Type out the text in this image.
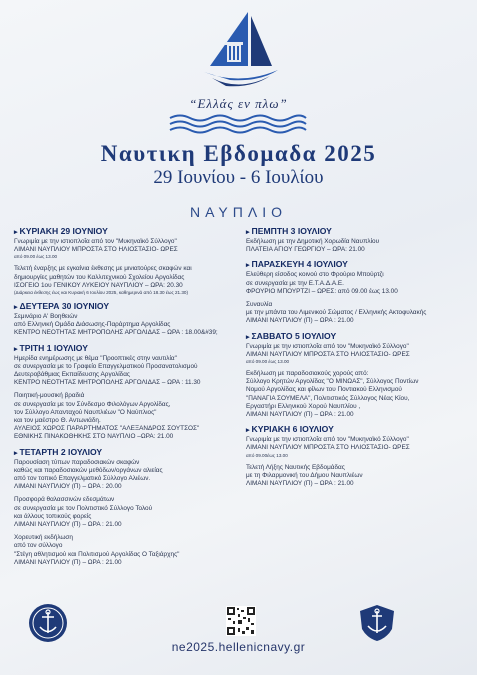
“Ελλάς εν πλω”
Ναυτικη Εβδομαδα 2025
29 Ιουνίου - 6 Ιουλίου
ΝΑΥΠΛΙΟ
▸ ΚΥΡΙΑΚΗ 29 ΙΟΥΝΙΟΥ
Γνωριμία με την ιστιοπλοΐα από τον "Μυκηναϊκό Σύλλογο"
ΛΙΜΑΝΙ ΝΑΥΠΛΙΟΥ ΜΠΡΟΣΤΑ ΣΤΟ ΗΛΙΟΣΤΑΣΙΟ- ΩΡΕΣ
από 09.00 έως 13.00
Τελετή έναρξης με εγκαίνια έκθεσης με μινιατούρες σκαφών και
δημιουργίες μαθητών του Καλλιτεχνικού Σχολείου Αργολίδας
ΙΣΟΓΕΙΟ 1ου ΓΕΝΙΚΟΥ ΛΥΚΕΙΟΥ ΝΑΥΠΛΙΟΥ – ΩΡΑ: 20.30
(Διάρκεια έκθεσης έως και Κυριακή 6 Ιουλίου 2025, καθημερινά από 18.30 έως 21.30)
▸ ΔΕΥΤΕΡΑ 30 ΙΟΥΝΙΟΥ
Σεμινάριο Α' Βοηθειών
από Ελληνική Ομάδα Διάσωσης-Παράρτημα Αργολίδας
ΚΕΝΤΡΟ ΝΕΟΤΗΤΑΣ ΜΗΤΡΟΠΟΛΗΣ ΑΡΓΟΛΙΔΑΣ – ΩΡΑ : 18.00&#39;
▸ ΤΡΙΤΗ 1 ΙΟΥΛΙΟΥ
Ημερίδα ενημέρωσης με θέμα "Προοπτικές στην ναυτιλία"
σε συνεργασία με το Γραφείο Επαγγελματικού Προσανατολισμού
Δευτεροβάθμιας Εκπαίδευσης Αργολίδας
ΚΕΝΤΡΟ ΝΕΟΤΗΤΑΣ ΜΗΤΡΟΠΟΛΗΣ ΑΡΓΟΛΙΔΑΣ – ΩΡΑ : 11.30
Ποιητική-μουσική βραδιά
σε συνεργασία με τον Σύνδεσμο Φιλολόγων Αργολίδας,
τον Σύλλογο Απανταχού Ναυπλιέων "Ο Ναύπλιος"
και τον μαέστρο Θ. Αντωνιάδη.
ΑΥΛΕΙΟΣ ΧΩΡΟΣ ΠΑΡΑΡΤΗΜΑΤΟΣ "ΑΛΕΞΑΝΔΡΟΣ ΣΟΥΤΣΟΣ"
ΕΘΝΙΚΗΣ ΠΙΝΑΚΟΘΗΚΗΣ ΣΤΟ ΝΑΥΠΛΙΟ –ΩΡΑ: 21.00
▸ ΤΕΤΑΡΤΗ 2 ΙΟΥΛΙΟΥ
Παρουσίαση τύπων παραδοσιακών σκαφών
καθώς και παραδοσιακών μεθόδων/οργάνων αλιείας
από τον τοπικό Επαγγελματικό Σύλλογο Αλιέων.
ΛΙΜΑΝΙ ΝΑΥΠΛΙΟΥ (Π) – ΩΡΑ : 20.00
Προσφορά θαλασσινών εδεσμάτων
σε συνεργασία με τον Πολιτιστικό Σύλλογο Τολού
και άλλους τοπικούς φορείς
ΛΙΜΑΝΙ ΝΑΥΠΛΙΟΥ (Π) – ΩΡΑ : 21.00
Χορευτική εκδήλωση
από τον σύλλογο
"Στέγη αθλητισμού και Πολιτισμού Αργολίδας Ο Ταξιάρχης"
ΛΙΜΑΝΙ ΝΑΥΠΛΙΟΥ (Π) – ΩΡΑ : 21.00
▸ ΠΕΜΠΤΗ 3 ΙΟΥΛΙΟΥ
Εκδήλωση με την Δημοτική Χορωδία Ναυπλίου
ΠΛΑΤΕΙΑ ΑΓΙΟΥ ΓΕΩΡΓΙΟΥ – ΩΡΑ: 21.00
▸ ΠΑΡΑΣΚΕΥΗ 4 ΙΟΥΛΙΟΥ
Ελεύθερη είσοδος κοινού στο Φρούριο Μπούρτζι
σε συνεργασία με την Ε.Τ.Α.Δ.Α.Ε.
ΦΡΟΥΡΙΟ ΜΠΟΥΡΤΖΙ – ΩΡΕΣ: από 09.00 έως 13.00
Συναυλία
με την μπάντα του Λιμενικού Σώματος / Ελληνικής Ακτοφυλακής
ΛΙΜΑΝΙ ΝΑΥΠΛΙΟΥ (Π) – ΩΡΑ : 21.00
▸ ΣΑΒΒΑΤΟ 5 ΙΟΥΛΙΟΥ
Γνωριμία με την ιστιοπλοΐα από τον "Μυκηναϊκό Σύλλογο"
ΛΙΜΑΝΙ ΝΑΥΠΛΙΟΥ ΜΠΡΟΣΤΑ ΣΤΟ ΗΛΙΟΣΤΑΣΙΟ- ΩΡΕΣ
από 09.00 έως 13.00
Εκδήλωση με παραδοσιακούς χορούς από:
Σύλλογο Κρητών Αργολίδας "Ο ΜΙΝΩΑΣ", Σύλλογος Ποντίων
Νομού Αργολίδας και φίλων του Ποντιακού Ελληνισμού
"ΠΑΝΑΓΙΑ ΣΟΥΜΕΛΑ", Πολιτιστικός Σύλλογος Νέας Κίου,
Εργαστήρι Ελληνικού Χορού Ναυπλίου ,
ΛΙΜΑΝΙ ΝΑΥΠΛΙΟΥ (Π) – ΩΡΑ : 21.00
▸ ΚΥΡΙΑΚΗ 6 ΙΟΥΛΙΟΥ
Γνωριμία με την ιστιοπλοΐα από τον "Μυκηναϊκό Σύλλογο"
ΛΙΜΑΝΙ ΝΑΥΠΛΙΟΥ ΜΠΡΟΣΤΑ ΣΤΟ ΗΛΙΟΣΤΑΣΙΟ- ΩΡΕΣ
από 09.00έως 13.00
Τελετή Λήξης Ναυτικής Εβδομάδας
με τη Φιλαρμονική του Δήμου Ναυπλιέων
ΛΙΜΑΝΙ ΝΑΥΠΛΙΟΥ (Π) – ΩΡΑ : 21.00
ne2025.hellenicnavy.gr
